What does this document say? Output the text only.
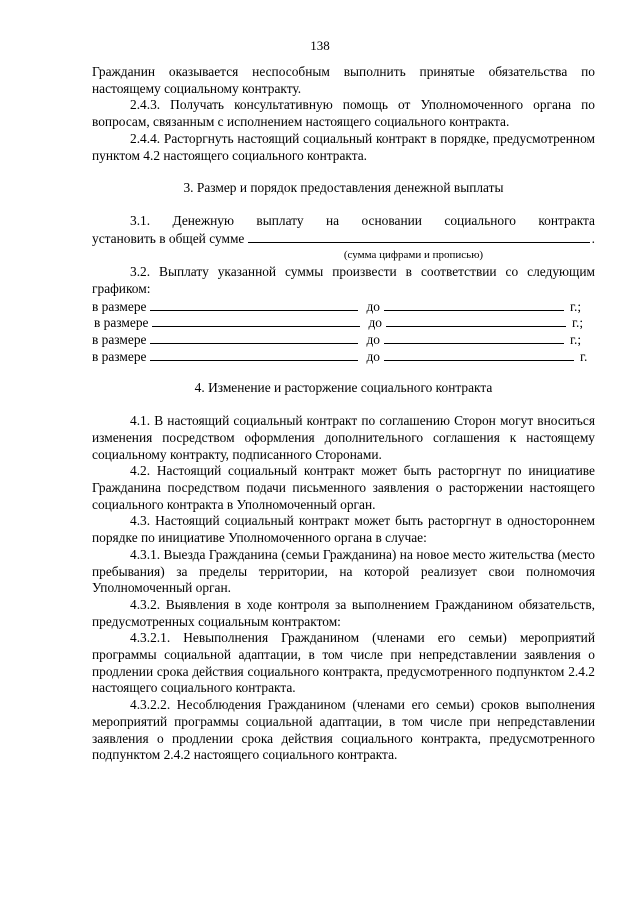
138

Гражданин оказывается неспособным выполнить принятые обязательства по настоящему социальному контракту.

2.4.3. Получать консультативную помощь от Уполномоченного органа по вопросам, связанным с исполнением настоящего социального контракта.

2.4.4. Расторгнуть настоящий социальный контракт в порядке, предусмотренном пунктом 4.2 настоящего социального контракта.

3. Размер и порядок предоставления денежной выплаты

3.1. Денежную выплату на основании социального контракта

установить в общей сумме	.
(сумма цифрами и прописью)

3.2. Выплату указанной суммы произвести в соответствии со следующим графиком:

в размере	до	г.;
в размере	до	г.;
в размере	до	г.;
в размере	до	г.

4. Изменение и расторжение социального контракта

4.1. В настоящий социальный контракт по соглашению Сторон могут вноситься изменения посредством оформления дополнительного соглашения к настоящему социальному контракту, подписанного Сторонами.

4.2. Настоящий социальный контракт может быть расторгнут по инициативе Гражданина посредством подачи письменного заявления о расторжении настоящего социального контракта в Уполномоченный орган.

4.3. Настоящий социальный контракт может быть расторгнут в одностороннем порядке по инициативе Уполномоченного органа в случае:

4.3.1. Выезда Гражданина (семьи Гражданина) на новое место жительства (место пребывания) за пределы территории, на которой реализует свои полномочия Уполномоченный орган.

4.3.2. Выявления в ходе контроля за выполнением Гражданином обязательств, предусмотренных социальным контрактом:

4.3.2.1. Невыполнения Гражданином (членами его семьи) мероприятий программы социальной адаптации, в том числе при непредставлении заявления о продлении срока действия социального контракта, предусмотренного подпунктом 2.4.2 настоящего социального контракта.

4.3.2.2. Несоблюдения Гражданином (членами его семьи) сроков выполнения мероприятий программы социальной адаптации, в том числе при непредставлении заявления о продлении срока действия социального контракта, предусмотренного подпунктом 2.4.2 настоящего социального контракта.
